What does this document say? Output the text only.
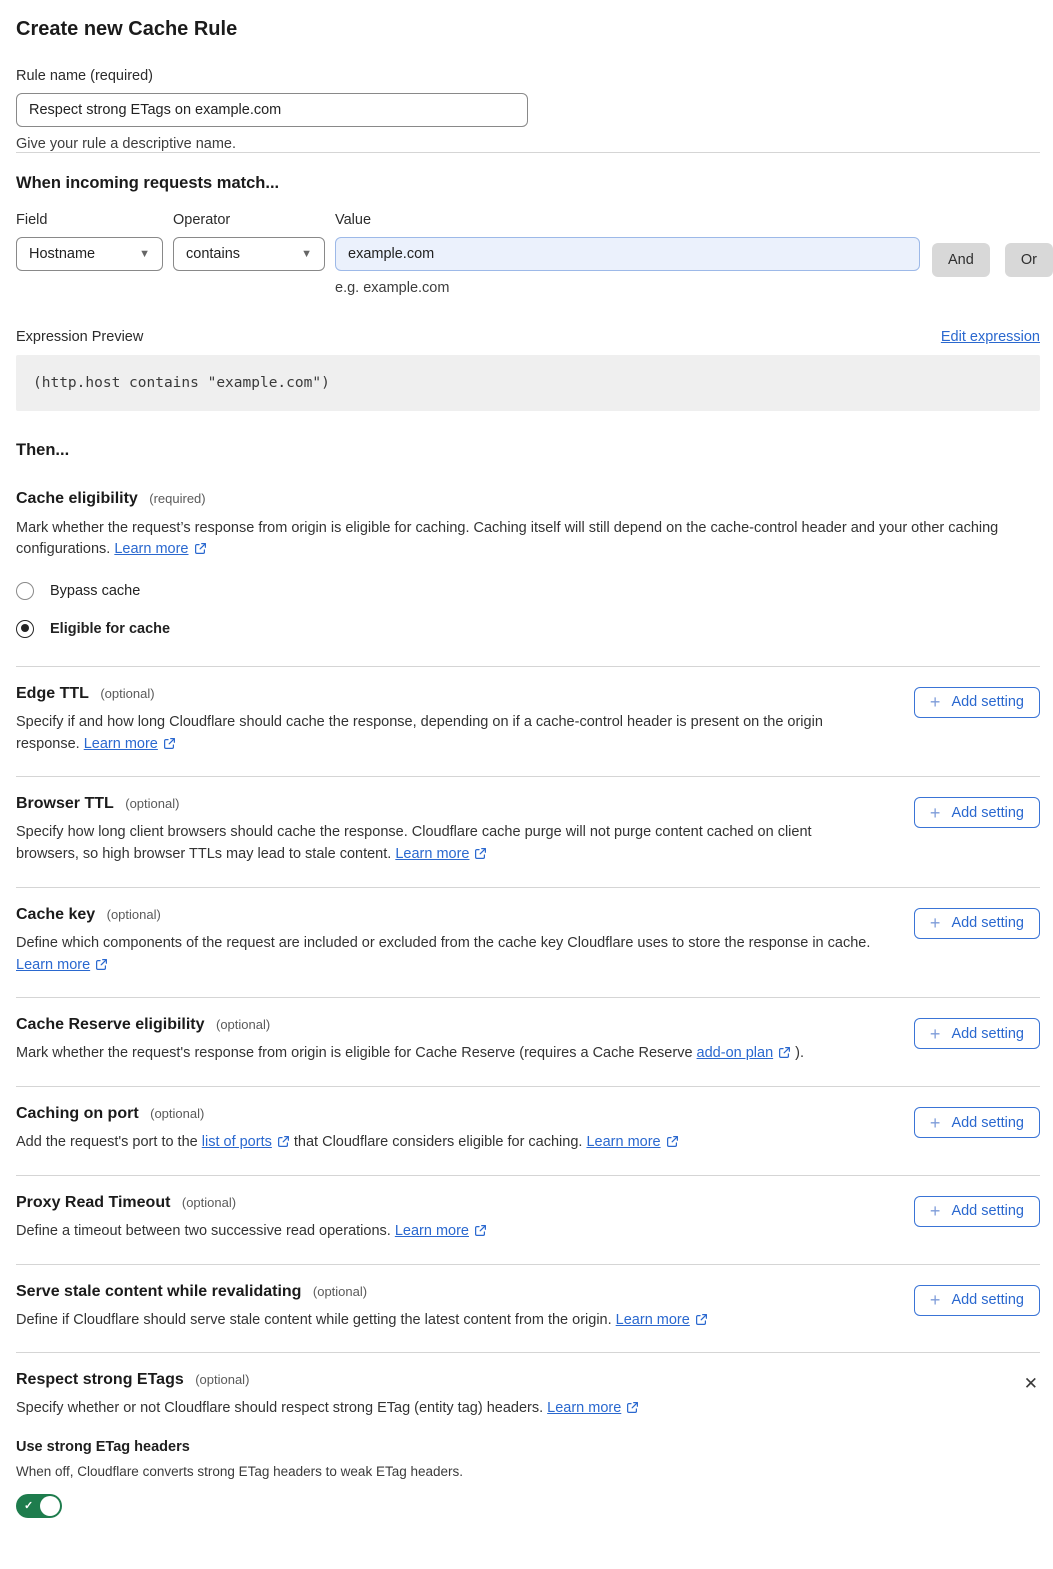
Create new Cache Rule
Rule name (required)
Respect strong ETags on example.com
Give your rule a descriptive name.
When incoming requests match...
Field
Hostname	▼
Operator
contains	▼
Value
example.com
e.g. example.com
And	Or
Expression Preview	Edit expression
(http.host contains "example.com")
Then...
Cache eligibility (required)
Mark whether the request’s response from origin is eligible for caching. Caching itself will still depend on the cache-control header and your other caching configurations. Learn more
Bypass cache
Eligible for cache
Edge TTL (optional)
Specify if and how long Cloudflare should cache the response, depending on if a cache-control header is present on the origin response. Learn more
+ Add setting
Browser TTL (optional)
Specify how long client browsers should cache the response. Cloudflare cache purge will not purge content cached on client browsers, so high browser TTLs may lead to stale content. Learn more
+ Add setting
Cache key (optional)
Define which components of the request are included or excluded from the cache key Cloudflare uses to store the response in cache. Learn more
+ Add setting
Cache Reserve eligibility (optional)
Mark whether the request's response from origin is eligible for Cache Reserve (requires a Cache Reserve add-on plan ).
+ Add setting
Caching on port (optional)
Add the request's port to the list of ports that Cloudflare considers eligible for caching. Learn more
+ Add setting
Proxy Read Timeout (optional)
Define a timeout between two successive read operations. Learn more
+ Add setting
Serve stale content while revalidating (optional)
Define if Cloudflare should serve stale content while getting the latest content from the origin. Learn more
+ Add setting
Respect strong ETags (optional)
Specify whether or not Cloudflare should respect strong ETag (entity tag) headers. Learn more
Use strong ETag headers
When off, Cloudflare converts strong ETag headers to weak ETag headers.
✓
✕
